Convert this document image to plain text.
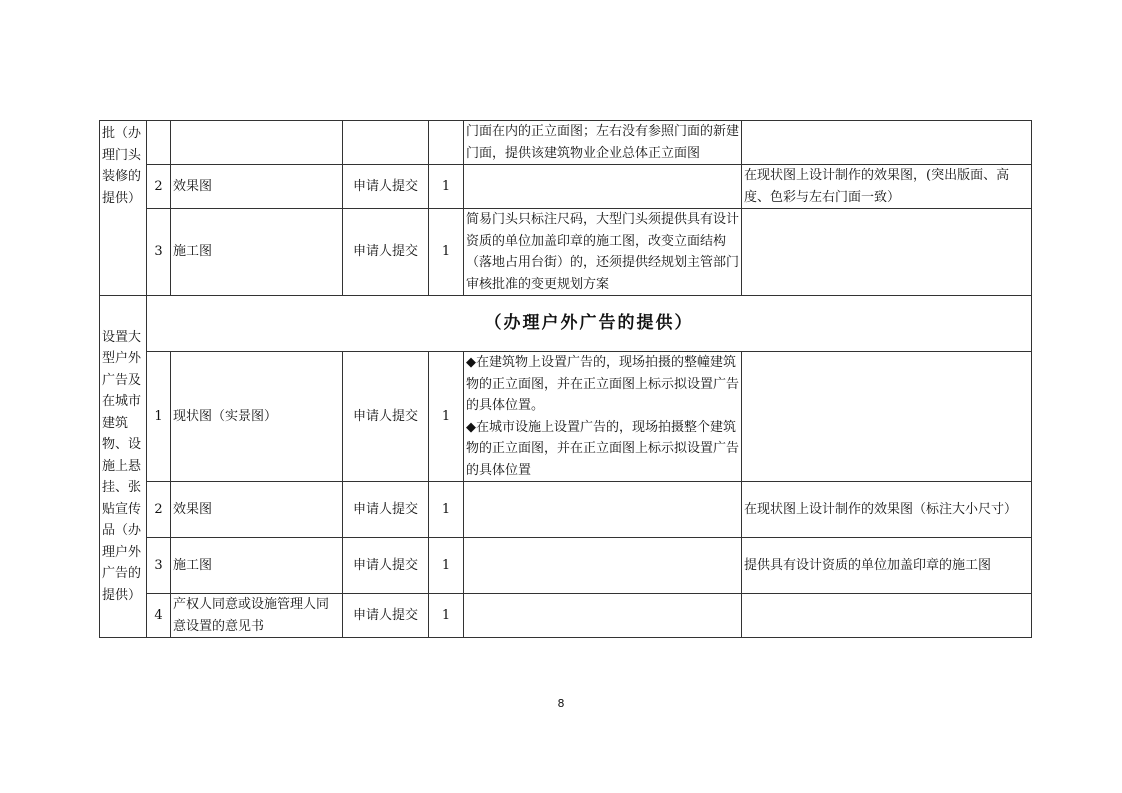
批（办理门头装修的提供）					门面在内的正立面图；左右没有参照门面的新建门面，提供该建筑物业企业总体正立面图	
	2	效果图	申请人提交	1		在现状图上设计制作的效果图，(突出版面、高度、色彩与左右门面一致）
	3	施工图	申请人提交	1	简易门头只标注尺码，大型门头须提供具有设计资质的单位加盖印章的施工图，改变立面结构（落地占用台街）的，还须提供经规划主管部门审核批准的变更规划方案	
设置大型户外广告及在城市建筑物、设施上悬挂、张贴宣传品（办理户外广告的提供）	（办理户外广告的提供）					
	1	现状图（实景图）	申请人提交	1	◆在建筑物上设置广告的，现场拍摄的整幢建筑物的正立面图，并在正立面图上标示拟设置广告的具体位置。
◆在城市设施上设置广告的，现场拍摄整个建筑物的正立面图，并在正立面图上标示拟设置广告的具体位置	

	2	效果图	申请人提交	1		在现状图上设计制作的效果图（标注大小尺寸）
	3	施工图	申请人提交	1		提供具有设计资质的单位加盖印章的施工图
	4	产权人同意或设施管理人同意设置的意见书	申请人提交	1		
8
